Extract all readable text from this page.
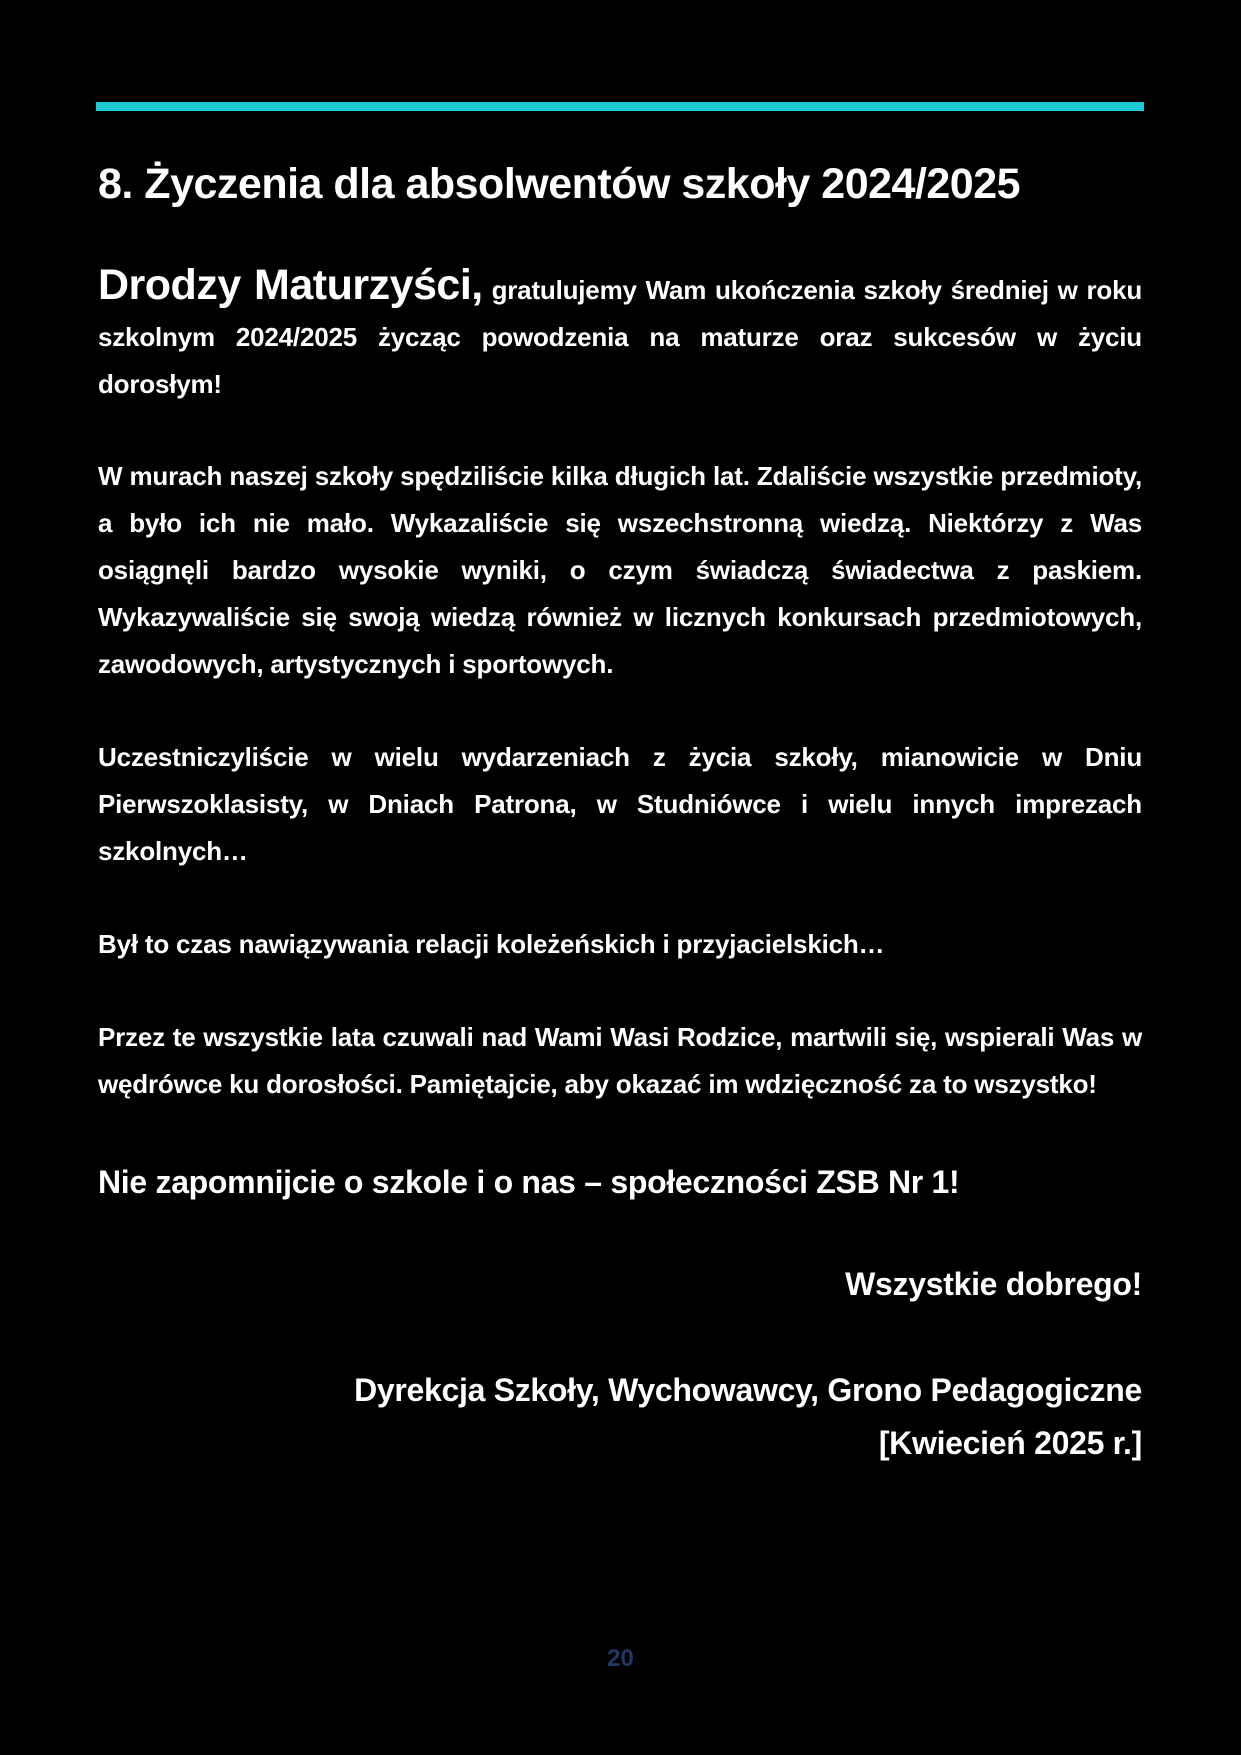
8. Życzenia dla absolwentów szkoły 2024/2025

Drodzy Maturzyści, gratulujemy Wam ukończenia szkoły średniej w roku szkolnym 2024/2025 życząc powodzenia na maturze oraz sukcesów w życiu dorosłym!

W murach naszej szkoły spędziliście kilka długich lat. Zdaliście wszystkie przedmioty, a było ich nie mało. Wykazaliście się wszechstronną wiedzą. Niektórzy z Was osiągnęli bardzo wysokie wyniki, o czym świadczą świadectwa z paskiem. Wykazywaliście się swoją wiedzą również w licznych konkursach przedmiotowych, zawodowych, artystycznych i sportowych.

Uczestniczyliście w wielu wydarzeniach z życia szkoły, mianowicie w Dniu Pierwszoklasisty, w Dniach Patrona, w Studniówce i wielu innych imprezach szkolnych…

Był to czas nawiązywania relacji koleżeńskich i przyjacielskich…

Przez te wszystkie lata czuwali nad Wami Wasi Rodzice, martwili się, wspierali Was w wędrówce ku dorosłości. Pamiętajcie, aby okazać im wdzięczność za to wszystko!

Nie zapomnijcie o szkole i o nas – społeczności ZSB Nr 1!

Wszystkie dobrego!

Dyrekcja Szkoły, Wychowawcy, Grono Pedagogiczne
[Kwiecień 2025 r.]

20
